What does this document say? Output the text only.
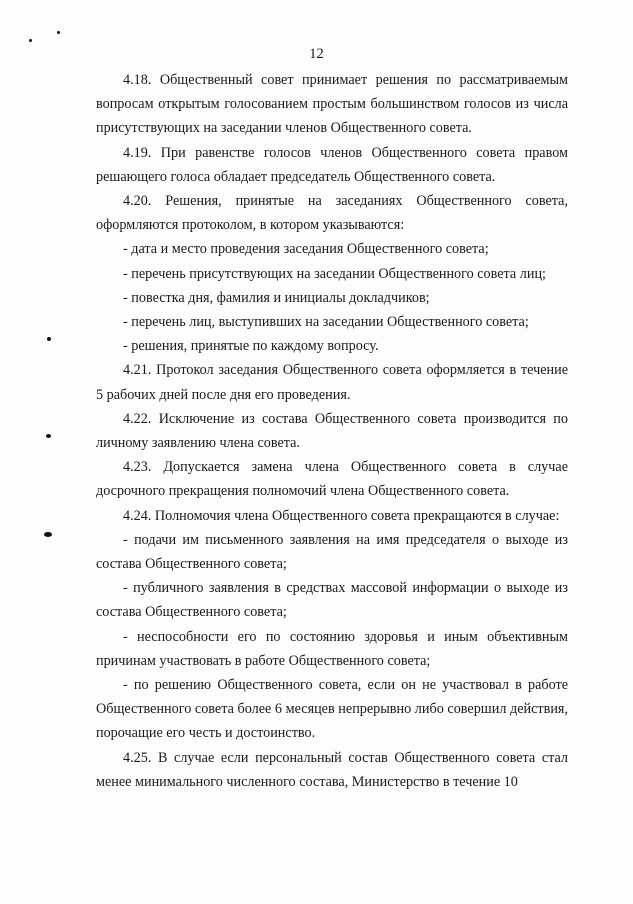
12

4.18. Общественный совет принимает решения по рассматриваемым вопросам открытым голосованием простым большинством голосов из числа присутствующих на заседании членов Общественного совета.

4.19. При равенстве голосов членов Общественного совета правом решающего голоса обладает председатель Общественного совета.

4.20. Решения, принятые на заседаниях Общественного совета, оформляются протоколом, в котором указываются:

- дата и место проведения заседания Общественного совета;

- перечень присутствующих на заседании Общественного совета лиц;

- повестка дня, фамилия и инициалы докладчиков;

- перечень лиц, выступивших на заседании Общественного совета;

- решения, принятые по каждому вопросу.

4.21. Протокол заседания Общественного совета оформляется в течение 5 рабочих дней после дня его проведения.

4.22. Исключение из состава Общественного совета производится по личному заявлению члена совета.

4.23. Допускается замена члена Общественного совета в случае досрочного прекращения полномочий члена Общественного совета.

4.24. Полномочия члена Общественного совета прекращаются в случае:

- подачи им письменного заявления на имя председателя о выходе из состава Общественного совета;

- публичного заявления в средствах массовой информации о выходе из состава Общественного совета;

- неспособности его по состоянию здоровья и иным объективным причинам участвовать в работе Общественного совета;

- по решению Общественного совета, если он не участвовал в работе Общественного совета более 6 месяцев непрерывно либо совершил действия, порочащие его честь и достоинство.

4.25. В случае если персональный состав Общественного совета стал менее минимального численного состава, Министерство в течение 10
